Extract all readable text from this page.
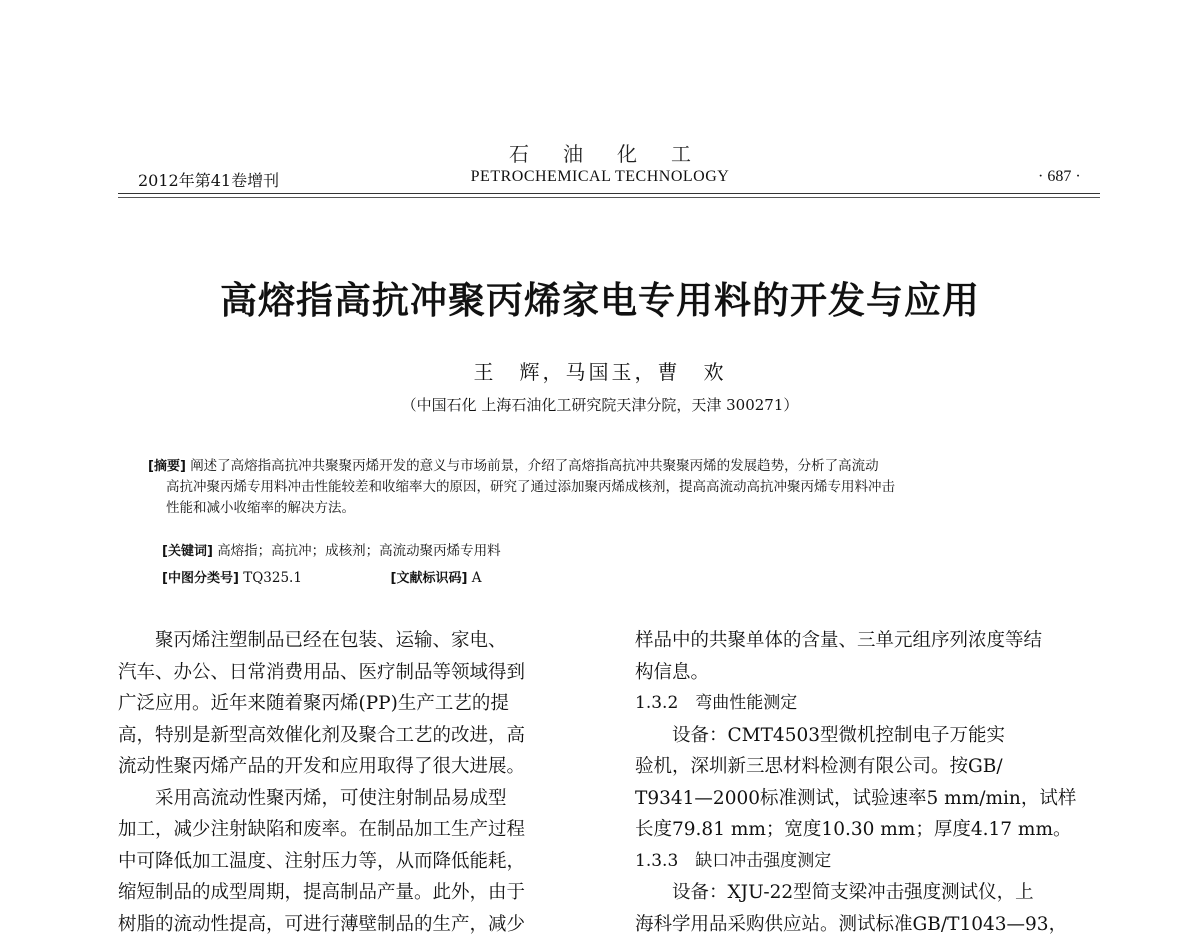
石油化工
2012年第41卷增刊	PETROCHEMICAL TECHNOLOGY	· 687 ·
高熔指高抗冲聚丙烯家电专用料的开发与应用
王　辉，马国玉，曹　欢
（中国石化 上海石油化工研究院天津分院，天津 300271）
[摘要] 阐述了高熔指高抗冲共聚聚丙烯开发的意义与市场前景，介绍了高熔指高抗冲共聚聚丙烯的发展趋势，分析了高流动
高抗冲聚丙烯专用料冲击性能较差和收缩率大的原因，研究了通过添加聚丙烯成核剂，提高高流动高抗冲聚丙烯专用料冲击
性能和减小收缩率的解决方法。
[关键词] 高熔指；高抗冲；成核剂；高流动聚丙烯专用料
[中图分类号] TQ325.1	[文献标识码] A
聚丙烯注塑制品已经在包装、运输、家电、
汽车、办公、日常消费用品、医疗制品等领域得到
广泛应用。近年来随着聚丙烯(PP)生产工艺的提
高，特别是新型高效催化剂及聚合工艺的改进，高
流动性聚丙烯产品的开发和应用取得了很大进展。
采用高流动性聚丙烯，可使注射制品易成型
加工，减少注射缺陷和废率。在制品加工生产过程
中可降低加工温度、注射压力等，从而降低能耗，
缩短制品的成型周期，提高制品产量。此外，由于
树脂的流动性提高，可进行薄壁制品的生产，减少
样品中的共聚单体的含量、三单元组序列浓度等结
构信息。
1.3.2　弯曲性能测定
设备：CMT4503型微机控制电子万能实
验机，深圳新三思材料检测有限公司。按GB/
T9341—2000标准测试，试验速率5 mm/min，试样
长度79.81 mm；宽度10.30 mm；厚度4.17 mm。
1.3.3　缺口冲击强度测定
设备：XJU-22型简支梁冲击强度测试仪，上
海科学用品采购供应站。测试标准GB/T1043—93，
